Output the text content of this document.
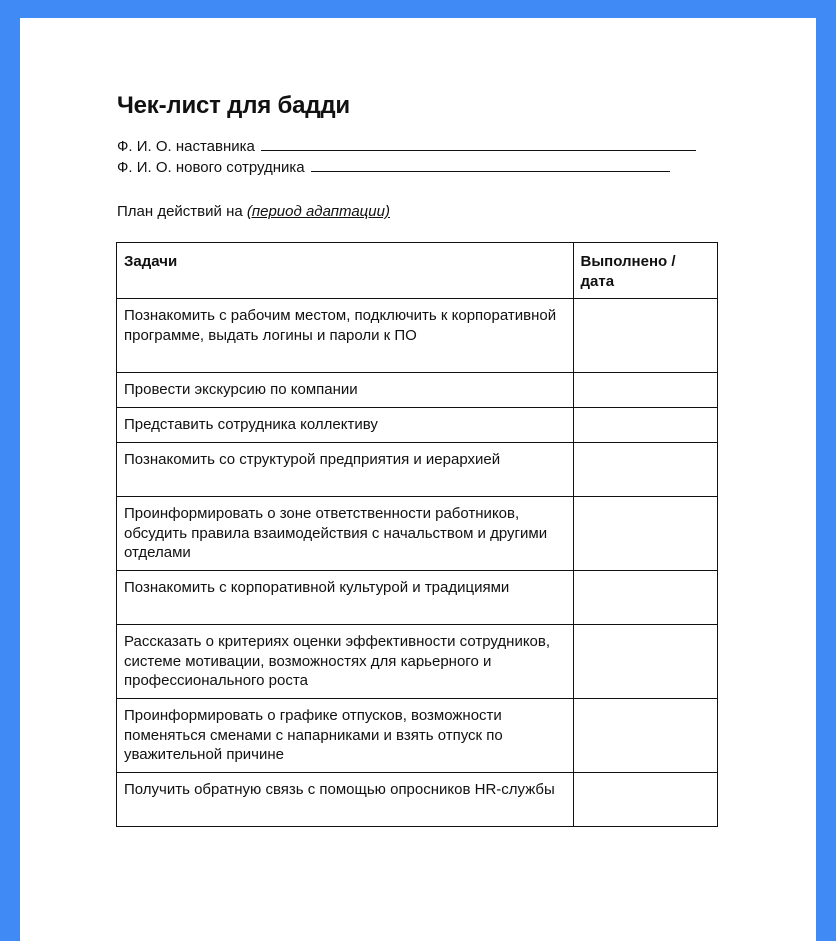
Чек-лист для бадди
Ф. И. О. наставника
Ф. И. О. нового сотрудника
План действий на (период адаптации)
Задачи	Выполнено / дата
Познакомить с рабочим местом, подключить к корпоративной программе, выдать логины и пароли к ПО	
Провести экскурсию по компании	
Представить сотрудника коллективу	
Познакомить со структурой предприятия и иерархией	
Проинформировать о зоне ответственности работников, обсудить правила взаимодействия с начальством и другими отделами	
Познакомить с корпоративной культурой и традициями	
Рассказать о критериях оценки эффективности сотрудников, системе мотивации, возможностях для карьерного и профессионального роста	
Проинформировать о графике отпусков, возможности поменяться сменами с напарниками и взять отпуск по уважительной причине	
Получить обратную связь с помощью опросников HR-службы	
